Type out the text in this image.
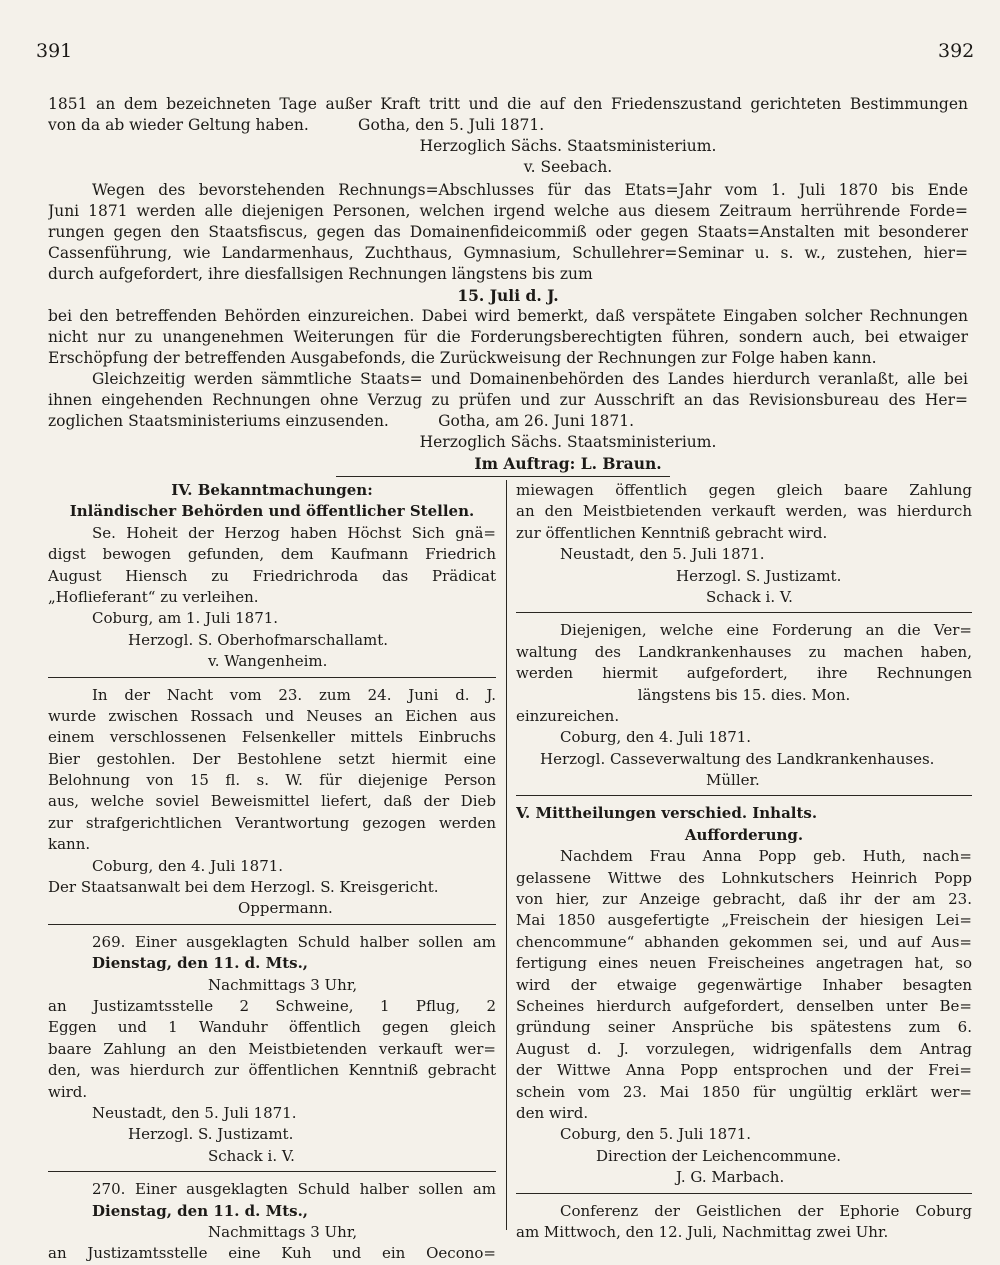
391	392
1851 an dem bezeichneten Tage außer Kraft tritt und die auf den Friedenszustand gerichteten Bestimmungen
von da ab wieder Geltung haben.          Gotha, den 5. Juli 1871.
Herzoglich Sächs. Staatsministerium.
v. Seebach.
Wegen des bevorstehenden Rechnungs=Abschlusses für das Etats=Jahr vom 1. Juli 1870 bis Ende
Juni 1871 werden alle diejenigen Personen, welchen irgend welche aus diesem Zeitraum herrührende Forde=
rungen gegen den Staatsfiscus, gegen das Domainenfideicommiß oder gegen Staats=Anstalten mit besonderer
Cassenführung, wie Landarmenhaus, Zuchthaus, Gymnasium, Schullehrer=Seminar u. s. w., zustehen, hier=
durch aufgefordert, ihre diesfallsigen Rechnungen längstens bis zum
15. Juli d. J.
bei den betreffenden Behörden einzureichen. Dabei wird bemerkt, daß verspätete Eingaben solcher Rechnungen
nicht nur zu unangenehmen Weiterungen für die Forderungsberechtigten führen, sondern auch, bei etwaiger
Erschöpfung der betreffenden Ausgabefonds, die Zurückweisung der Rechnungen zur Folge haben kann.
Gleichzeitig werden sämmtliche Staats= und Domainenbehörden des Landes hierdurch veranlaßt, alle bei
ihnen eingehenden Rechnungen ohne Verzug zu prüfen und zur Ausschrift an das Revisionsbureau des Her=
zoglichen Staatsministeriums einzusenden.          Gotha, am 26. Juni 1871.
Herzoglich Sächs. Staatsministerium.
Im Auftrag: L. Braun.
IV. Bekanntmachungen:
Inländischer Behörden und öffentlicher Stellen.
Se. Hoheit der Herzog haben Höchst Sich gnä=
digst bewogen gefunden, dem Kaufmann Friedrich
August Hiensch zu Friedrichroda das Prädicat
„Hoflieferant“ zu verleihen.
Coburg, am 1. Juli 1871.
Herzogl. S. Oberhofmarschallamt.
v. Wangenheim.
In der Nacht vom 23. zum 24. Juni d. J.
wurde zwischen Rossach und Neuses an Eichen aus
einem verschlossenen Felsenkeller mittels Einbruchs
Bier gestohlen. Der Bestohlene setzt hiermit eine
Belohnung von 15 fl. s. W. für diejenige Person
aus, welche soviel Beweismittel liefert, daß der Dieb
zur strafgerichtlichen Verantwortung gezogen werden
kann.
Coburg, den 4. Juli 1871.
Der Staatsanwalt bei dem Herzogl. S. Kreisgericht.
Oppermann.
269. Einer ausgeklagten Schuld halber sollen am
Dienstag, den 11. d. Mts.,
Nachmittags 3 Uhr,
an Justizamtsstelle 2 Schweine, 1 Pflug, 2
Eggen und 1 Wanduhr öffentlich gegen gleich
baare Zahlung an den Meistbietenden verkauft wer=
den, was hierdurch zur öffentlichen Kenntniß gebracht
wird.
Neustadt, den 5. Juli 1871.
Herzogl. S. Justizamt.
Schack i. V.
270. Einer ausgeklagten Schuld halber sollen am
Dienstag, den 11. d. Mts.,
Nachmittags 3 Uhr,
an Justizamtsstelle eine Kuh und ein Oecono=
miewagen öffentlich gegen gleich baare Zahlung
an den Meistbietenden verkauft werden, was hierdurch
zur öffentlichen Kenntniß gebracht wird.
Neustadt, den 5. Juli 1871.
Herzogl. S. Justizamt.
Schack i. V.
Diejenigen, welche eine Forderung an die Ver=
waltung des Landkrankenhauses zu machen haben,
werden hiermit aufgefordert, ihre Rechnungen
längstens bis 15. dies. Mon.
einzureichen.
Coburg, den 4. Juli 1871.
Herzogl. Casseverwaltung des Landkrankenhauses.
Müller.
V. Mittheilungen verschied. Inhalts.
Aufforderung.
Nachdem Frau Anna Popp geb. Huth, nach=
gelassene Wittwe des Lohnkutschers Heinrich Popp
von hier, zur Anzeige gebracht, daß ihr der am 23.
Mai 1850 ausgefertigte „Freischein der hiesigen Lei=
chencommune“ abhanden gekommen sei, und auf Aus=
fertigung eines neuen Freischeines angetragen hat, so
wird der etwaige gegenwärtige Inhaber besagten
Scheines hierdurch aufgefordert, denselben unter Be=
gründung seiner Ansprüche bis spätestens zum 6.
August d. J. vorzulegen, widrigenfalls dem Antrag
der Wittwe Anna Popp entsprochen und der Frei=
schein vom 23. Mai 1850 für ungültig erklärt wer=
den wird.
Coburg, den 5. Juli 1871.
Direction der Leichencommune.
J. G. Marbach.
Conferenz der Geistlichen der Ephorie Coburg
am Mittwoch, den 12. Juli, Nachmittag zwei Uhr.
